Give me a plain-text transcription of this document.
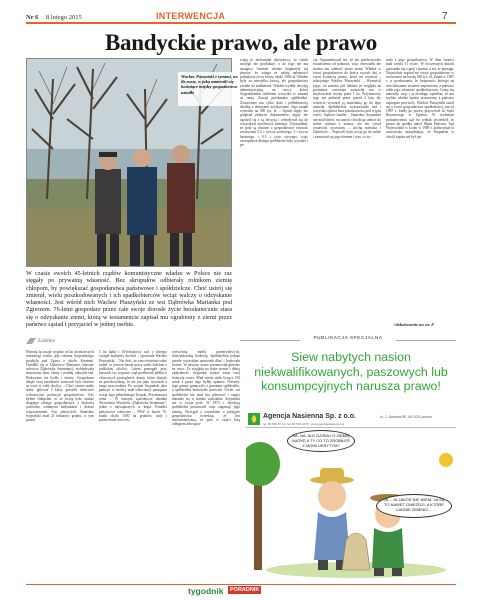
Nr 6 8 lutego 2015	INTERWENCJA	7
Bandyckie prawo, ale prawo
Wacław Paszyński z synami, na ile ruszy, w jaką zamienili się kosiniące między gospodarstwo uziadło
W czasie swoich 45-letnich rządów komunistyczne władze w Polsce nie raz sięgały po prywatną własność. Bez skrupułów odbierały rolnikom ziemię chłopom, by powiększać gospodarstwa państwowe i spółdzielcze. Choć ustrój się zmienił, wielu poszkodowanych i ich spadkobierców wciąż walczy o odzyskanie własności. Jest wśród nich Wacław Ptaszyński ze wsi Dąbrówka Marianka pod Zgierzem. 76-letni gospodarz przez całe swoje dorosłe życie bezskutecznie stara się o odzyskanie ziemi, którą w testamencie zapisał mu ograbiony z ziemi przez państwo sąsiad i przyjaciel w jednej osobie.
wiają je niefornalni dzierżawcy, że rolnik niczego nie produkuje, a do tego nie ma następcy. Gminne władze dopatrzyły się jeszcze, że zalega ze spłatą należności podatkowych na kwotę około 1000 zł. Władze były za niewielka kwotą, ale gospodarstwo zostało na zadłużenie. Władze wydały decyzję administracyjną, na mocy której Szypańskiemu odebrano wszystko w zamian za rentę. Zarząd przekazano spółdzielni. Zostawiono mu tylko dom i półhektarową działkę z drzewami użytkowanie. Jego maják wynosiła na 500 tys. zł. – Sąsiad nigdy nie podpisał żadnych dokumentów, nigdy nie zgodził się z tą decyzją i odwoływał się do wszystkich możliwych instancji. Udowadniał, że pola są obsiane a gospodarstwo rolniczo zostawiano 0,5 c żywca wołowego, 2 t żywca baraniego i 0,5 t ryżu owczego, więc oszczędowa dlatego spółdzielni były wysokie i pa-
cia. Argumentował też, że nie przeliczywało świadczenia od państwa, więc obywatelu nie można mu odebrać ziemi ziemi. Władze w zwrot gospodarstwa do końca swoich dni, o czym świadczą pisma, które mi zostawił – relacjonuje Wacław Ptaszyński. – Wymaścił żyjąc, że zamiast pół hektara ze względu na posiadane zwierzęta zostawiła mu w użytkowanie trochę pond 1 ha. Przymusowy tego zaś pobierał przez ponad 2 lata, ale wrzeście wyrzucił ją materialną go do tego zmusiła. Spółdzielnia wykorzystała sad i wszystko oprócz łasu przeznaczono pod wypas owiec. Sądowe batalie – Stanisław Szypański nie miał dzieci, na starość chciała go zabrać do siebie rodzina z miasta, ale nie chciał zostawiać ojcowizny – trochę mieszka i Dąbrówce. – Poprosił, bym wciąż go do siebie i zamawiał się jego domem i tym, co zo-
stało z jego gospodarstwa. W dniu śmierci miał wiejki 51 owiec. W ówczesnych dniach ujawniało się z gnój i ziemia, a mi, że pomaga. Notarialnie zapisał mi swoje gospodarstwo w rozliczeniu na kwotę 500 tys. zł. Zmarł w 1987 r. w przekonaniu, że bezprawie, którego na nim dokonano zostanie naprawione, a państwo odda jego własność spadkobiercom. Czasy się zmieniły, więc i ja niedługo sądziłem, że mu szybko władze będzie uczuwiony, a państwo zapragnie przywróć. Wacław Ptaszyński starał się o zwrot gospodarstwa spadkodawcy już od 1987 r., kiedy po pozew przywrócił do Sądu Rejonowego w Zgierzu. W wydanym postanowieniu sąd ów jednak stwierdził, że prawa do spadku nabył Skarb Państwa. Sąd Wojewódzki w Łodzi w 1989 r. podtrzymał to stanowisko uzasadniając, że Szypański w chwili zapisu nie był już
>dokończenie na str. 8
PUBLIKACJA SPECJALNA
Łódzkie
Historię tę zaczął wypada od lat dwudziestych minionego wieku, gdy rodzina Szypańskiego przybyła pod Zgierz z okolic Kierneni. Osiedlili się w Dąbrówce Mariance (obecnie sołectwo Dąbrówka Strumiany), wybudowała murowany dom, oborę i stodołę, założyła sad. Hodowano też bydło i świnie. Gospodarze dzięki swej zaradności stanowili byli wkrótce za wzór w całej okolicy. – Choć ziemie miały słabe, głównie 5 klasy, potrafili właściwie wykorzystać potencjał gospodarstwa. Gdy byłem chłopcem, to ze swoją było szukać drugiego takiego gospodarstwa, z hodowlą połowem, solidnymi budynkami i dobrze wyposażeniem. Syn założycieli, Stanisław Szypański miał 21 hektarów gruntu, w tym ponad
5 ha łąnki i 16-hektarowy sad, z którego czerpał najlepszy dochód – opowiada Wacław Ptaszyński. – Nie dość, że sam rówieśnie sobie radził, to jeszcze dawał pracę wielu ludziom z pobliskiej okolicy. Latem pomagali przy żniwach czy wypasie, stąd przebierali jabłka w ofiarowych pieniądzach domu, które służyły za przechowalnię. Ja też już jako wyrostek u niego pracowałem. Po wojnie Szypański jako pamięci w okolicy miał trakwizacji pamiętam wciąż tego pełnoletnego Urzędu. Przymusowa renta – W naszym sąsiedztwie działała Wytwórnia Wyrobów „Dąbrówka Strumiany”, jedna z największych w kraju. Ponadto państwowe rolnictwo – PSW w latach 70. miała około 1000 ha gruntów, sady i przetwórnie owoców,
wytwórnię mebli przemysłowych, doświadczalną hodowlę. Spółdzielnia jednak przede wszystkim sprawiała dbać i hodowała świnie. W naszym czasie postanowiła głównie na owoc. Ze względu na słabe ziemie i dobrą opłacalność, Szypańsk zyskać zaraz swój hodowlę owiec. Miał wtedy stado liczące 150 sztuk a przez tego byłby opanow. Niestety, jego grunty graniczyły z gruntami spółdzielni, a spółdzielni brakowało pastwisk. Owiec zaś spółdzielni nie miał kto pilnować i często marnuło się w stadzie sąsiedzkie. Szypański nie w swoje pole. W 1975 r. dyrekcję spółdzielni postanowił więc zagarnąć jego ziemię. Wystąpił z wnioskiem o przejęcie gospodarstwa twierdząc, że jest niezorientowaną, że pola w części leżą odłogiem albo upra-
Siew nabytych nasion niekwalifikowanych, paszowych lub konsumpcyjnych narusza prawo!
Agencja Nasienna Sp. z o.o.	ul. J. Dekana 6E, 64-100 Leszno
tel. 65 529 67 12, fax 65 529 44 57, www.agencjanasienna.pl
NA, NA, ALE DZISIAJ O ZIEMIĘ MATKĘ A TY CO TO ZROBIŁEŚ Z MOIM UKRYTYM?
JA... JA JAKOŚ NIE WIEM, JA SĄ TO NAWET GNIEŹDZI, A KTÓRE ŁADNIE ZMIENIĆ...
tygodnik	PORADNIK
